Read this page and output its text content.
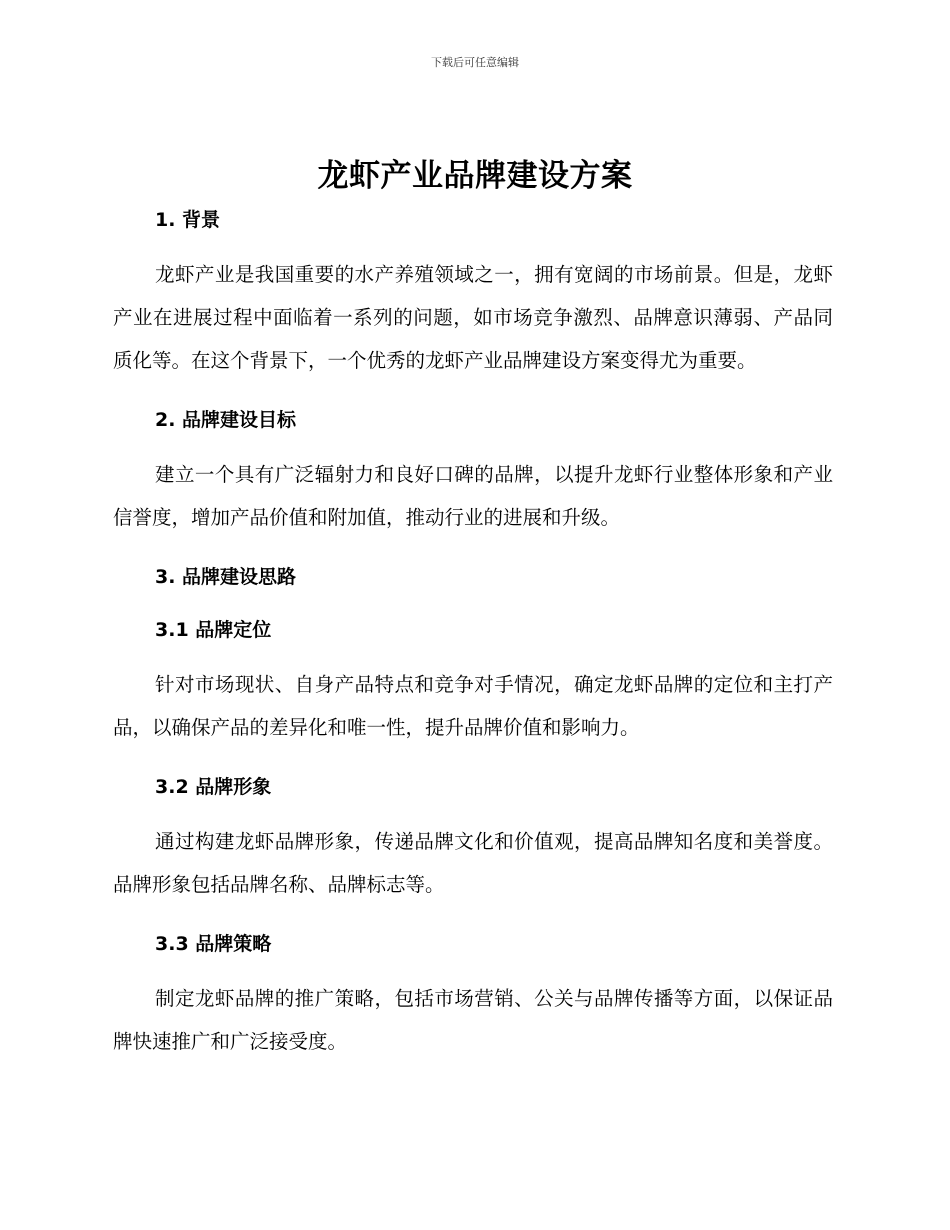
下载后可任意编辑
龙虾产业品牌建设方案
1. 背景

龙虾产业是我国重要的水产养殖领域之一，拥有宽阔的市场前景。但是，龙虾产业在进展过程中面临着一系列的问题，如市场竞争激烈、品牌意识薄弱、产品同质化等。在这个背景下，一个优秀的龙虾产业品牌建设方案变得尤为重要。

2. 品牌建设目标

建立一个具有广泛辐射力和良好口碑的品牌，以提升龙虾行业整体形象和产业信誉度，增加产品价值和附加值，推动行业的进展和升级。

3. 品牌建设思路
3.1 品牌定位

针对市场现状、自身产品特点和竞争对手情况，确定龙虾品牌的定位和主打产品，以确保产品的差异化和唯一性，提升品牌价值和影响力。

3.2 品牌形象

通过构建龙虾品牌形象，传递品牌文化和价值观，提高品牌知名度和美誉度。品牌形象包括品牌名称、品牌标志等。

3.3 品牌策略

制定龙虾品牌的推广策略，包括市场营销、公关与品牌传播等方面，以保证品牌快速推广和广泛接受度。
